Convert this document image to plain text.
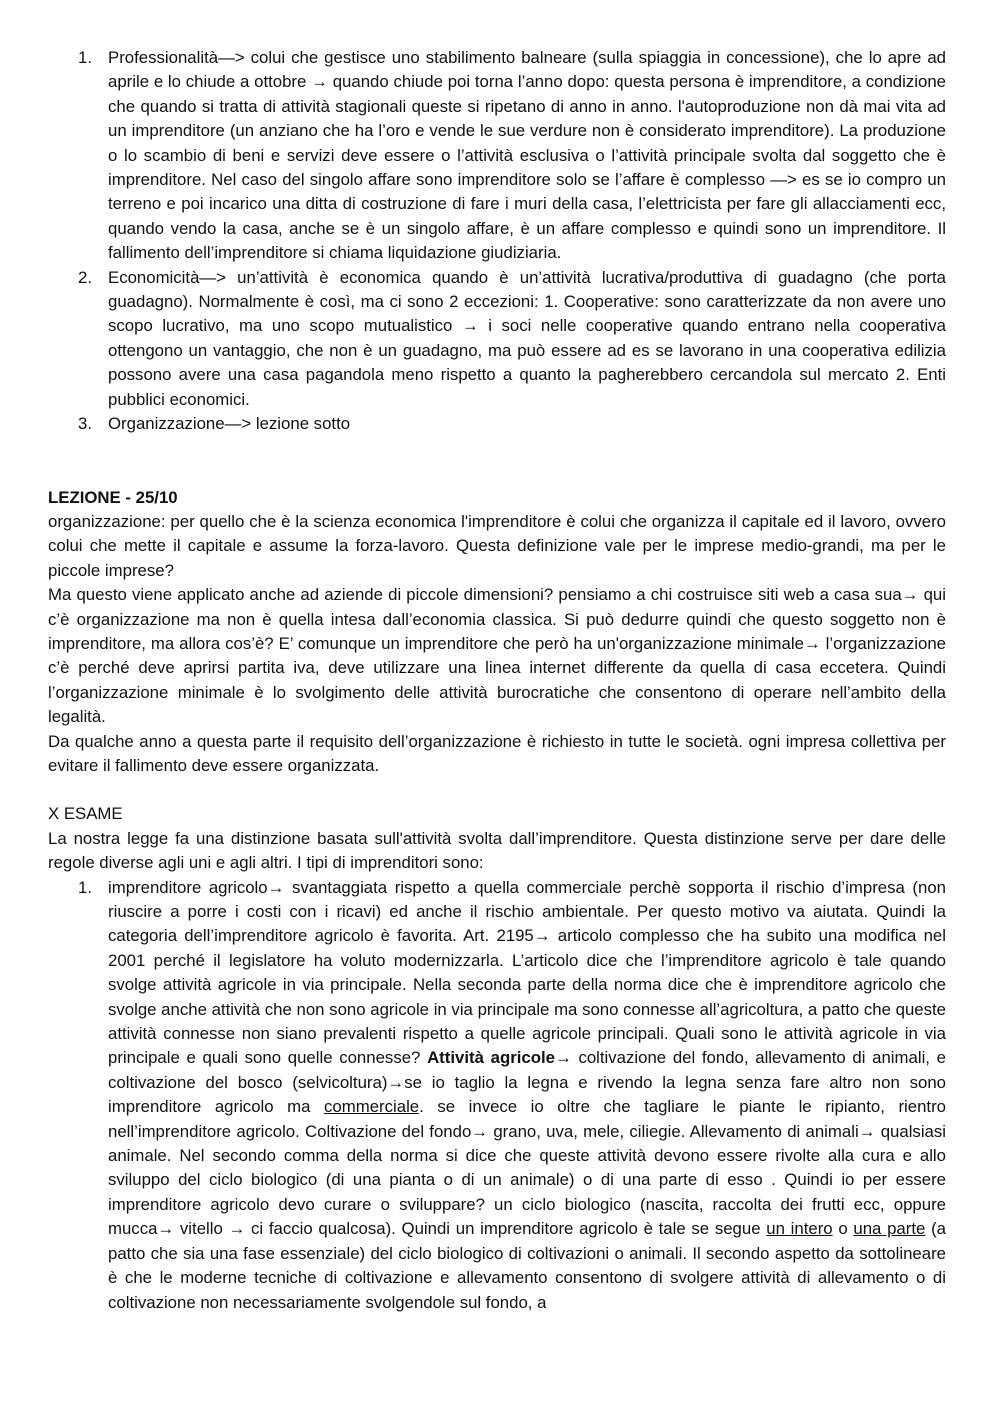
1. Professionalità—> colui che gestisce uno stabilimento balneare (sulla spiaggia in concessione), che lo apre ad aprile e lo chiude a ottobre → quando chiude poi torna l’anno dopo: questa persona è imprenditore, a condizione che quando si tratta di attività stagionali queste si ripetano di anno in anno. l'autoproduzione non dà mai vita ad un imprenditore (un anziano che ha l’oro e vende le sue verdure non è considerato imprenditore). La produzione o lo scambio di beni e servizi deve essere o l’attività esclusiva o l’attività principale svolta dal soggetto che è imprenditore. Nel caso del singolo affare sono imprenditore solo se l’affare è complesso —> es se io compro un terreno e poi incarico una ditta di costruzione di fare i muri della casa, l’elettricista per fare gli allacciamenti ecc, quando vendo la casa, anche se è un singolo affare, è un affare complesso e quindi sono un imprenditore. Il fallimento dell’imprenditore si chiama liquidazione giudiziaria.
2. Economicità—> un’attività è economica quando è un’attività lucrativa/produttiva di guadagno (che porta guadagno). Normalmente è così, ma ci sono 2 eccezioni: 1. Cooperative: sono caratterizzate da non avere uno scopo lucrativo, ma uno scopo mutualistico → i soci nelle cooperative quando entrano nella cooperativa ottengono un vantaggio, che non è un guadagno, ma può essere ad es se lavorano in una cooperativa edilizia possono avere una casa pagandola meno rispetto a quanto la pagherebbero cercandola sul mercato 2. Enti pubblici economici.
3. Organizzazione—> lezione sotto

LEZIONE - 25/10

organizzazione: per quello che è la scienza economica l'imprenditore è colui che organizza il capitale ed il lavoro, ovvero colui che mette il capitale e assume la forza-lavoro. Questa definizione vale per le imprese medio-grandi, ma per le piccole imprese?

Ma questo viene applicato anche ad aziende di piccole dimensioni? pensiamo a chi costruisce siti web a casa sua→ qui c’è organizzazione ma non è quella intesa dall’economia classica. Si può dedurre quindi che questo soggetto non è imprenditore, ma allora cos’è? E’ comunque un imprenditore che però ha un'organizzazione minimale→ l’organizzazione c’è perché deve aprirsi partita iva, deve utilizzare una linea internet differente da quella di casa eccetera. Quindi l’organizzazione minimale è lo svolgimento delle attività burocratiche che consentono di operare nell’ambito della legalità.

Da qualche anno a questa parte il requisito dell’organizzazione è richiesto in tutte le società. ogni impresa collettiva per evitare il fallimento deve essere organizzata.

X ESAME

La nostra legge fa una distinzione basata sull'attività svolta dall’imprenditore. Questa distinzione serve per dare delle regole diverse agli uni e agli altri. I tipi di imprenditori sono:

1. imprenditore agricolo→ svantaggiata rispetto a quella commerciale perchè sopporta il rischio d’impresa (non riuscire a porre i costi con i ricavi) ed anche il rischio ambientale. Per questo motivo va aiutata. Quindi la categoria dell’imprenditore agricolo è favorita. Art. 2195→ articolo complesso che ha subito una modifica nel 2001 perché il legislatore ha voluto modernizzarla. L’articolo dice che l’imprenditore agricolo è tale quando svolge attività agricole in via principale. Nella seconda parte della norma dice che è imprenditore agricolo che svolge anche attività che non sono agricole in via principale ma sono connesse all’agricoltura, a patto che queste attività connesse non siano prevalenti rispetto a quelle agricole principali. Quali sono le attività agricole in via principale e quali sono quelle connesse? Attività agricole→ coltivazione del fondo, allevamento di animali, e coltivazione del bosco (selvicoltura)→se io taglio la legna e rivendo la legna senza fare altro non sono imprenditore agricolo ma commerciale. se invece io oltre che tagliare le piante le ripianto, rientro nell’imprenditore agricolo. Coltivazione del fondo→ grano, uva, mele, ciliegie. Allevamento di animali→ qualsiasi animale. Nel secondo comma della norma si dice che queste attività devono essere rivolte alla cura e allo sviluppo del ciclo biologico (di una pianta o di un animale) o di una parte di esso . Quindi io per essere imprenditore agricolo devo curare o sviluppare? un ciclo biologico (nascita, raccolta dei frutti ecc, oppure mucca→ vitello → ci faccio qualcosa). Quindi un imprenditore agricolo è tale se segue un intero o una parte (a patto che sia una fase essenziale) del ciclo biologico di coltivazioni o animali. Il secondo aspetto da sottolineare è che le moderne tecniche di coltivazione e allevamento consentono di svolgere attività di allevamento o di coltivazione non necessariamente svolgendole sul fondo, a
